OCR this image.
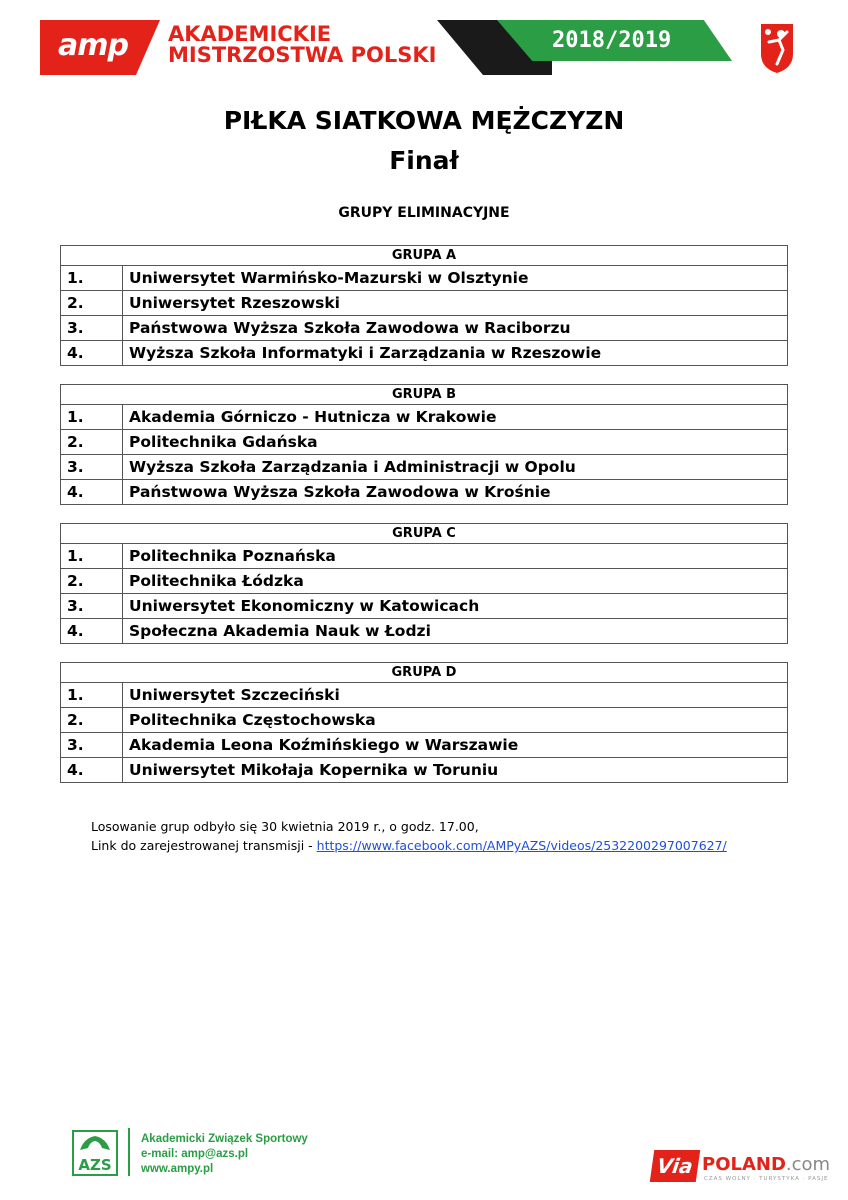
amp AKADEMICKIE
MISTRZOSTWA POLSKI
2018/2019
PIŁKA SIATKOWA MĘŻCZYZN
Finał
GRUPY ELIMINACYJNE
GRUPA A	
1.	Uniwersytet Warmińsko-Mazurski w Olsztynie
2.	Uniwersytet Rzeszowski
3.	Państwowa Wyższa Szkoła Zawodowa w Raciborzu
4.	Wyższa Szkoła Informatyki i Zarządzania w Rzeszowie
GRUPA B	
1.	Akademia Górniczo - Hutnicza w Krakowie
2.	Politechnika Gdańska
3.	Wyższa Szkoła Zarządzania i Administracji w Opolu
4.	Państwowa Wyższa Szkoła Zawodowa w Krośnie
GRUPA C	
1.	Politechnika Poznańska
2.	Politechnika Łódzka
3.	Uniwersytet Ekonomiczny w Katowicach
4.	Społeczna Akademia Nauk w Łodzi
GRUPA D	
1.	Uniwersytet Szczeciński
2.	Politechnika Częstochowska
3.	Akademia Leona Koźmińskiego w Warszawie
4.	Uniwersytet Mikołaja Kopernika w Toruniu
Losowanie grup odbyło się 30 kwietnia 2019 r., o godz. 17.00,
Link do zarejestrowanej transmisji - https://www.facebook.com/AMPyAZS/videos/2532200297007627/
AZS
Akademicki Związek Sportowy
e-mail: amp@azs.pl
www.ampy.pl	Via POLAND.com
CZAS WOLNY · TURYSTYKA · PASJE
